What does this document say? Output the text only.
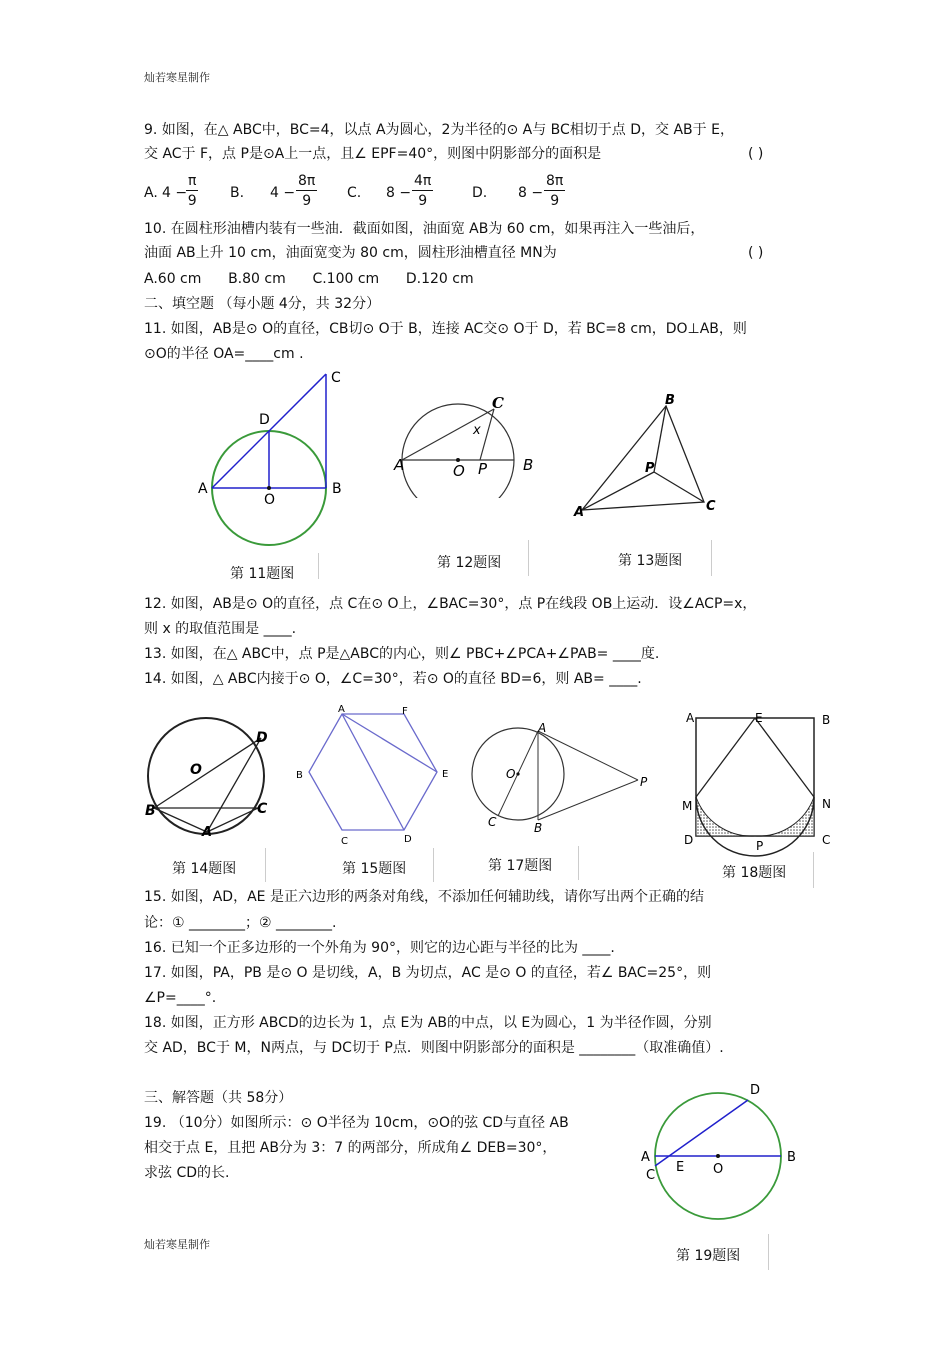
灿若寒星制作
9. 如图，在△ ABC中，BC=4，以点 A为圆心，2为半径的⊙ A与 BC相切于点 D，交 AB于 E，
交 AC于 F，点 P是⊙A上一点，且∠ EPF=40°，则图中阴影部分的面积是	( )
A. 4 −
$\frac{\pi}{9} B$. $4 - \frac{8\pi}{9} C$. $8 - \frac{4\pi}{9}$	D. $8 - \frac{8\pi}{9}$
10. 在圆柱形油槽内装有一些油．截面如图，油面宽 AB为 60 cm，如果再注入一些油后，
油面 AB上升 10 cm，油面宽变为 80 cm，圆柱形油槽直径 MN为	( )
A.60 cm      B.80 cm      C.100 cm      D.120 cm
二、填空题 （每小题 4分，共 32分）
11. 如图，AB是⊙ O的直径，CB切⊙ O于 B，连接 AC交⊙ O于 D，若 BC=8 cm，DO⊥AB，则
⊙O的半径 OA=____cm .
C
D
A	B
O
第 11题图
C
x
A	B
O P
第 12题图
B
P
A	C
第 13题图
12. 如图，AB是⊙ O的直径，点 C在⊙ O上，∠BAC=30°，点 P在线段 OB上运动．设∠ACP=x，
则 x 的取值范围是 ____.
13. 如图，在△ ABC中，点 P是△ABC的内心，则∠ PBC+∠PCA+∠PAB= ____度.
14. 如图，△ ABC内接于⊙ O，∠C=30°，若⊙ O的直径 BD=6，则 AB= ____.
D
O
B	C
A
第 14题图
A	F
E
B
C	D
第 15题图
A
O
P
C	B
第 17题图
A	E	B
M	N
D	C
P
第 18题图
15. 如图，AD，AE 是正六边形的两条对角线，不添加任何辅助线，请你写出两个正确的结
论：① ________；② ________.
16. 已知一个正多边形的一个外角为 90°，则它的边心距与半径的比为 ____.
17. 如图，PA，PB 是⊙ O 是切线，A，B 为切点，AC 是⊙ O 的直径，若∠ BAC=25°，则
∠P=____°.
18. 如图，正方形 ABCD的边长为 1，点 E为 AB的中点，以 E为圆心，1 为半径作圆，分别
交 AD，BC于 M，N两点，与 DC切于 P点．则图中阴影部分的面积是 ________（取准确值）.
三、解答题（共 58分）
19. （10分）如图所示：⊙ O半径为 10cm，⊙O的弦 CD与直径 AB
相交于点 E，且把 AB分为 3：7 的两部分，所成角∠ DEB=30°，
求弦 CD的长.
D
A	B
E O
C
第 19题图
灿若寒星制作
